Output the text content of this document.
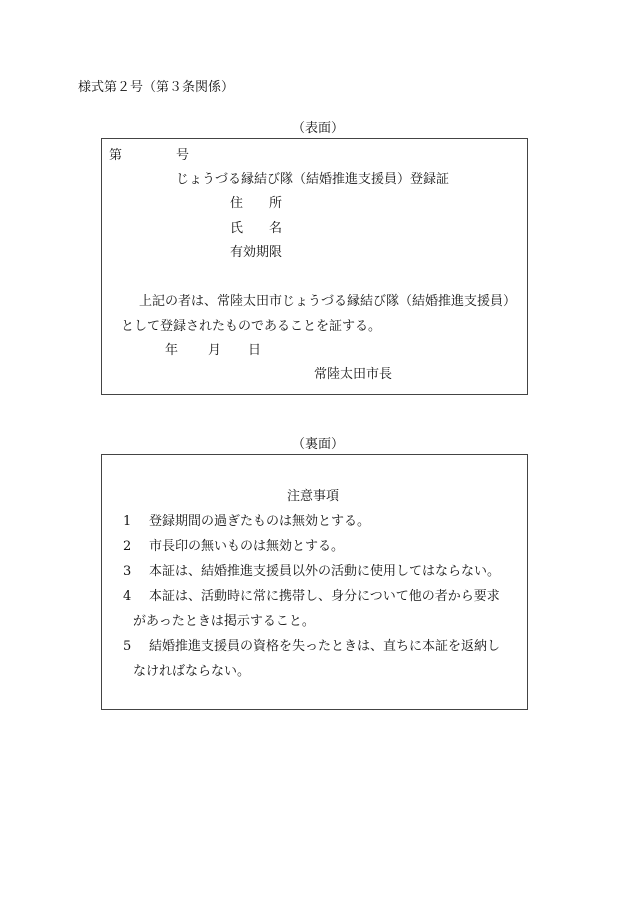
様式第２号（第３条関係）
（表面）
第	号
じょうづる縁結び隊（結婚推進支援員）登録証
住　　所
氏　　名
有効期限
上記の者は、常陸太田市じょうづる縁結び隊（結婚推進支援員）
として登録されたものであることを証する。
年 月 日
常陸太田市長
（裏面）
注意事項
1 登録期間の過ぎたものは無効とする。
2 市長印の無いものは無効とする。
3 本証は、結婚推進支援員以外の活動に使用してはならない。
4 本証は、活動時に常に携帯し、身分について他の者から要求
があったときは掲示すること。
5 結婚推進支援員の資格を失ったときは、直ちに本証を返納し
なければならない。
